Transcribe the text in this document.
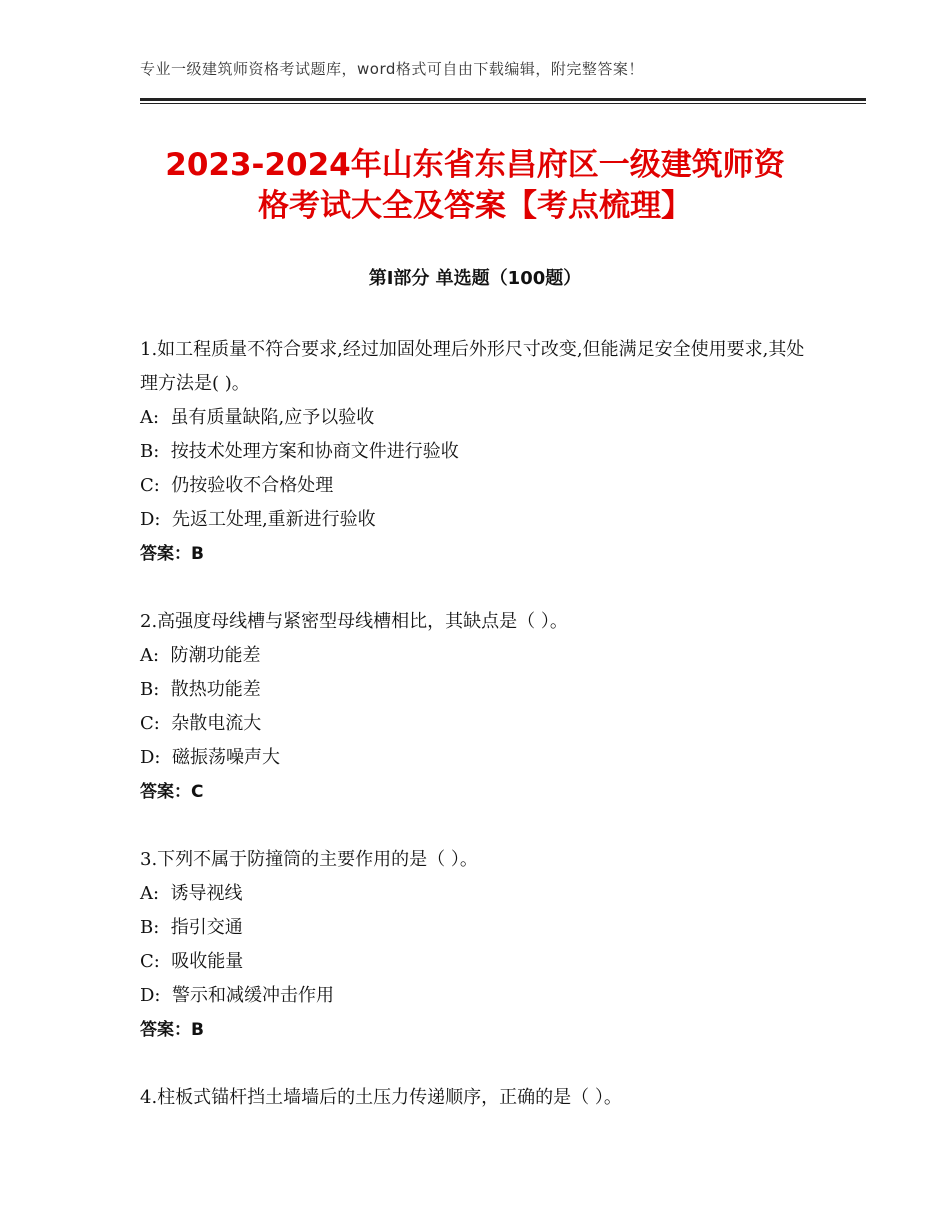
专业一级建筑师资格考试题库，word格式可自由下载编辑，附完整答案！
2023-2024年山东省东昌府区一级建筑师资
格考试大全及答案【考点梳理】
第Ⅰ部分 单选题（100题）
1.如工程质量不符合要求,经过加固处理后外形尺寸改变,但能满足安全使用要求,其处理方法是( )。
A:  虽有质量缺陷,应予以验收
B:  按技术处理方案和协商文件进行验收
C:  仍按验收不合格处理
D:  先返工处理,重新进行验收
答案：B
2.高强度母线槽与紧密型母线槽相比，其缺点是（ ）。
A:  防潮功能差
B:  散热功能差
C:  杂散电流大
D:  磁振荡噪声大
答案：C
3.下列不属于防撞筒的主要作用的是（ ）。
A:  诱导视线
B:  指引交通
C:  吸收能量
D:  警示和减缓冲击作用
答案：B
4.柱板式锚杆挡土墙墙后的土压力传递顺序，正确的是（ ）。
